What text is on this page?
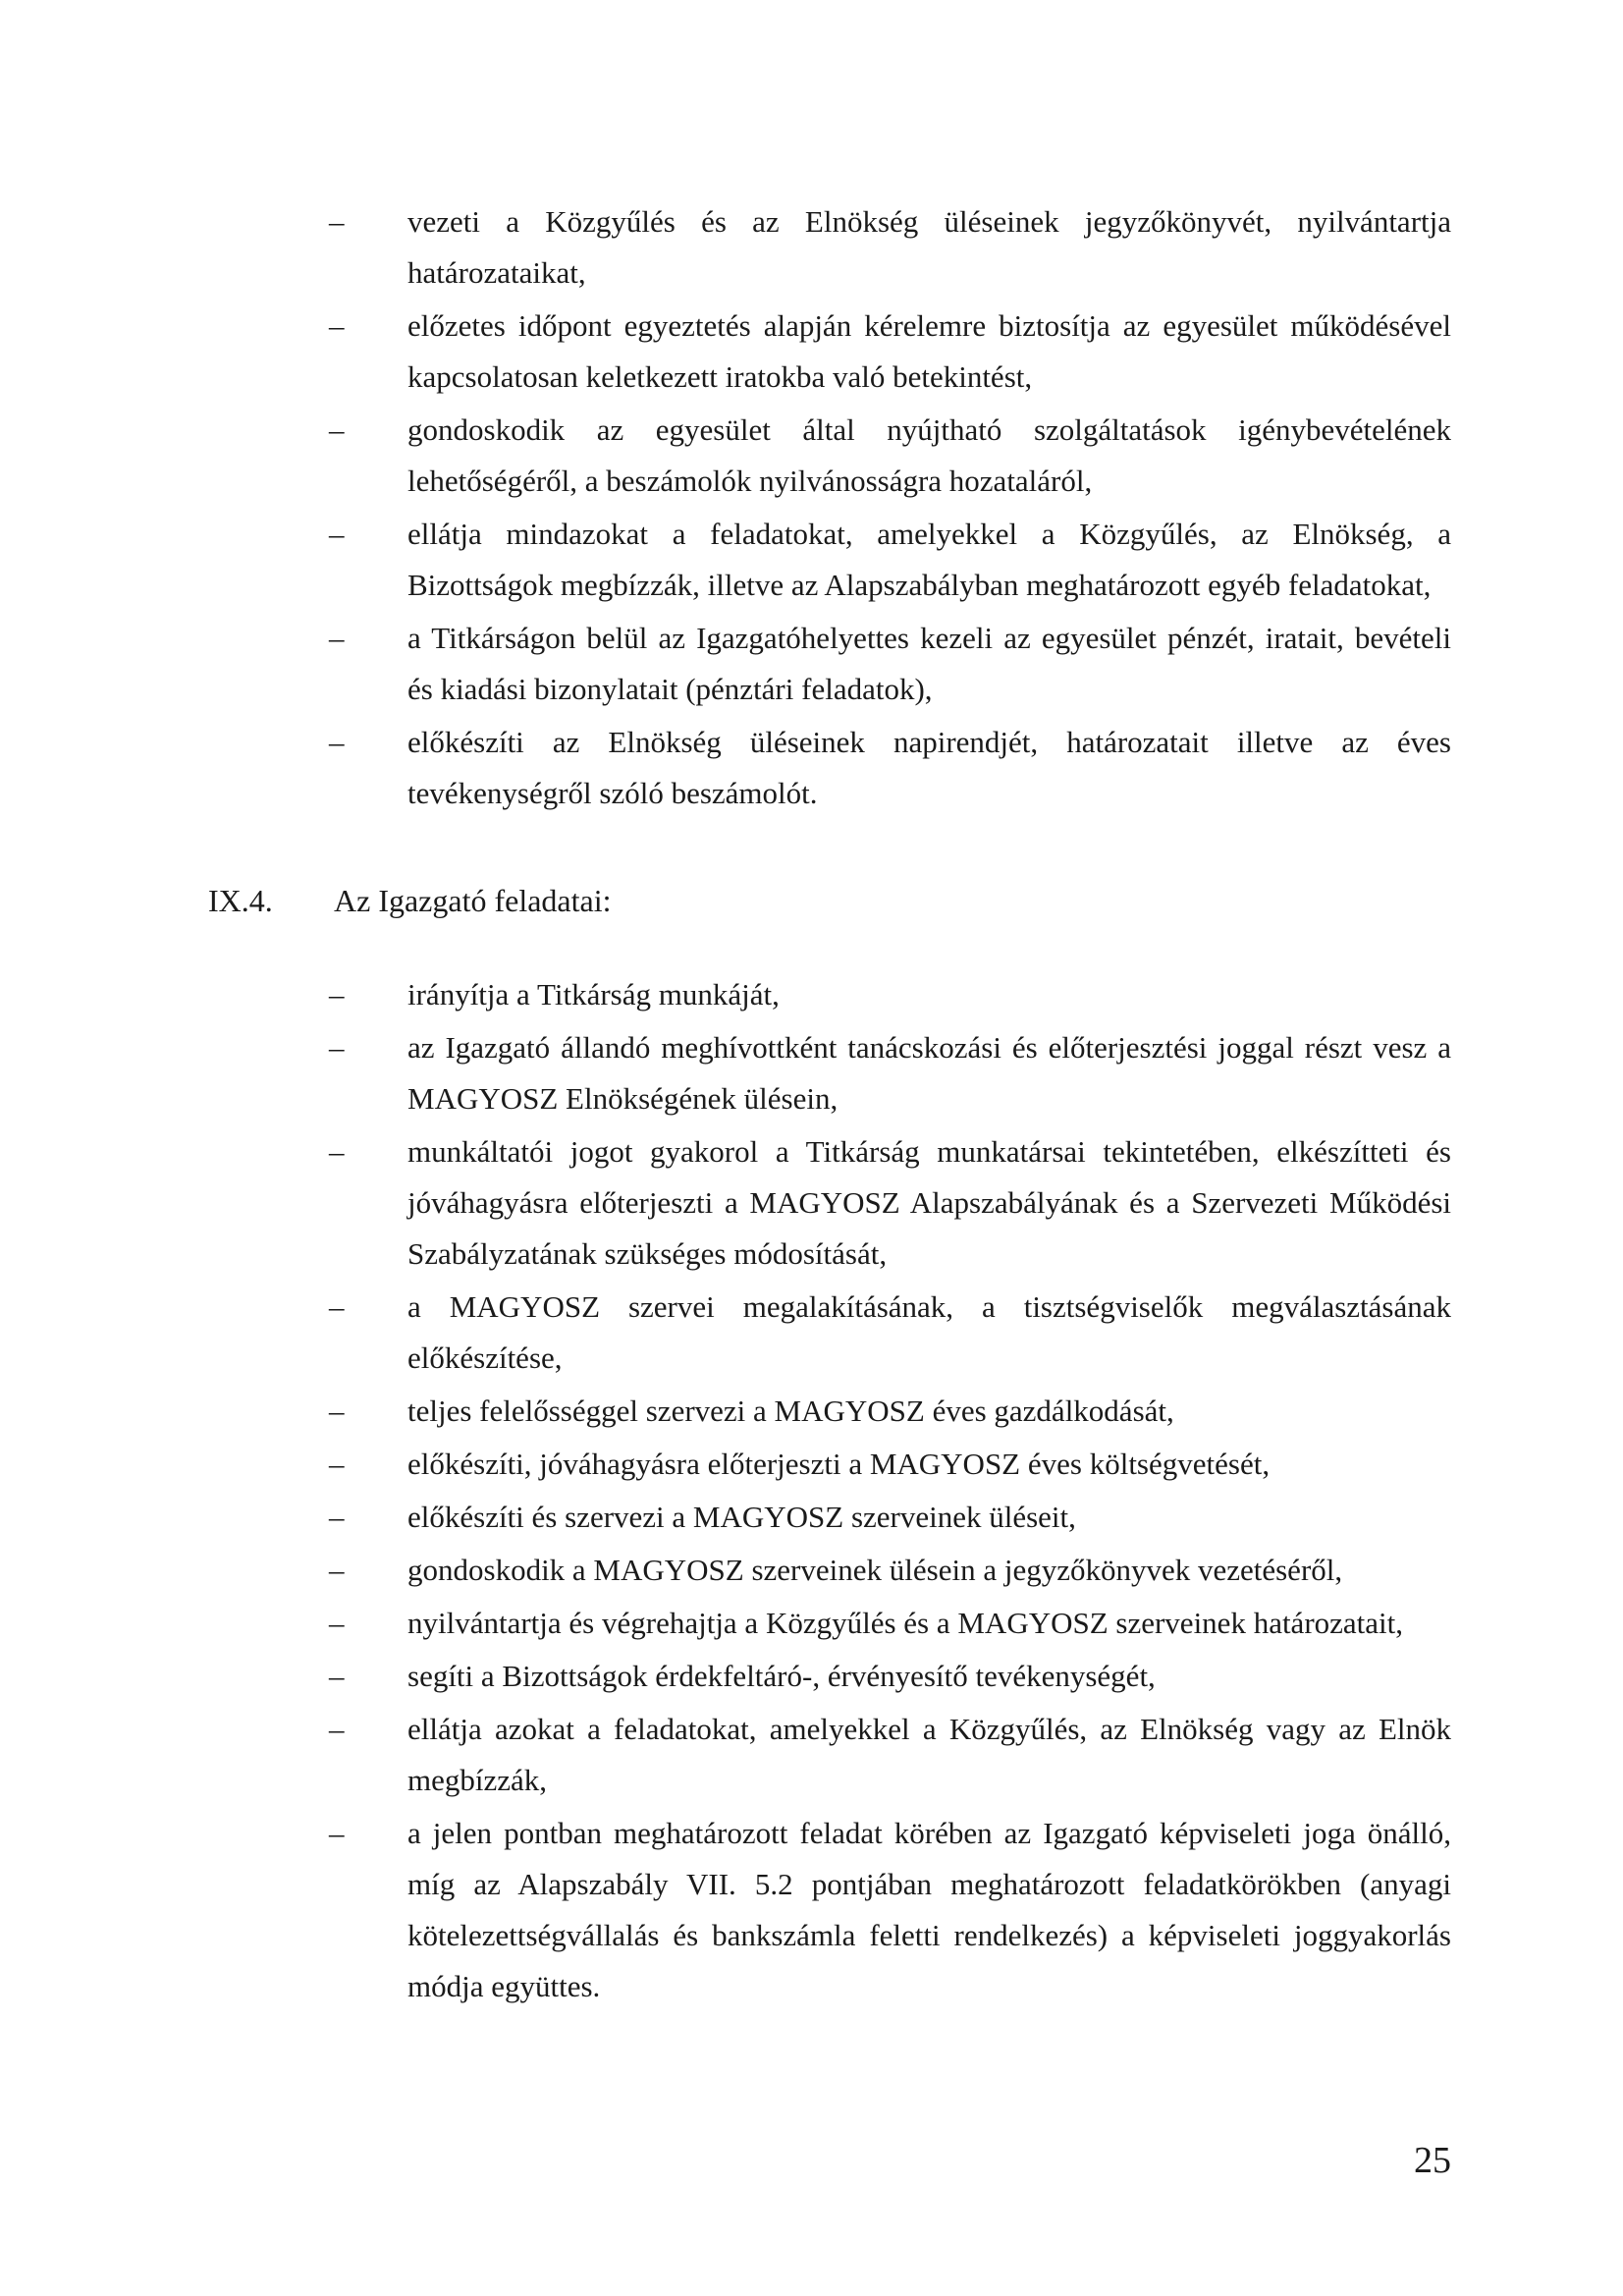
– vezeti a Közgyűlés és az Elnökség üléseinek jegyzőkönyvét, nyilvántartja határozataikat,
– előzetes időpont egyeztetés alapján kérelemre biztosítja az egyesület működésével kapcsolatosan keletkezett iratokba való betekintést,
– gondoskodik az egyesület által nyújtható szolgáltatások igénybevételének lehetőségéről, a beszámolók nyilvánosságra hozataláról,
– ellátja mindazokat a feladatokat, amelyekkel a Közgyűlés, az Elnökség, a Bizottságok megbízzák, illetve az Alapszabályban meghatározott egyéb feladatokat,
– a Titkárságon belül az Igazgatóhelyettes kezeli az egyesület pénzét, iratait, bevételi és kiadási bizonylatait (pénztári feladatok),
– előkészíti az Elnökség üléseinek napirendjét, határozatait illetve az éves tevékenységről szóló beszámolót.
IX.4. Az Igazgató feladatai:
– irányítja a Titkárság munkáját,
– az Igazgató állandó meghívottként tanácskozási és előterjesztési joggal részt vesz a MAGYOSZ Elnökségének ülésein,
– munkáltatói jogot gyakorol a Titkárság munkatársai tekintetében, elkészítteti és jóváhagyásra előterjeszti a MAGYOSZ Alapszabályának és a Szervezeti Működési Szabályzatának szükséges módosítását,
– a MAGYOSZ szervei megalakításának, a tisztségviselők megválasztásának előkészítése,
– teljes felelősséggel szervezi a MAGYOSZ éves gazdálkodását,
– előkészíti, jóváhagyásra előterjeszti a MAGYOSZ éves költségvetését,
– előkészíti és szervezi a MAGYOSZ szerveinek üléseit,
– gondoskodik a MAGYOSZ szerveinek ülésein a jegyzőkönyvek vezetéséről,
– nyilvántartja és végrehajtja a Közgyűlés és a MAGYOSZ szerveinek határozatait,
– segíti a Bizottságok érdekfeltáró-, érvényesítő tevékenységét,
– ellátja azokat a feladatokat, amelyekkel a Közgyűlés, az Elnökség vagy az Elnök megbízzák,
– a jelen pontban meghatározott feladat körében az Igazgató képviseleti joga önálló, míg az Alapszabály VII. 5.2 pontjában meghatározott feladatkörökben (anyagi kötelezettségvállalás és bankszámla feletti rendelkezés) a képviseleti joggyakorlás módja együttes.
25
